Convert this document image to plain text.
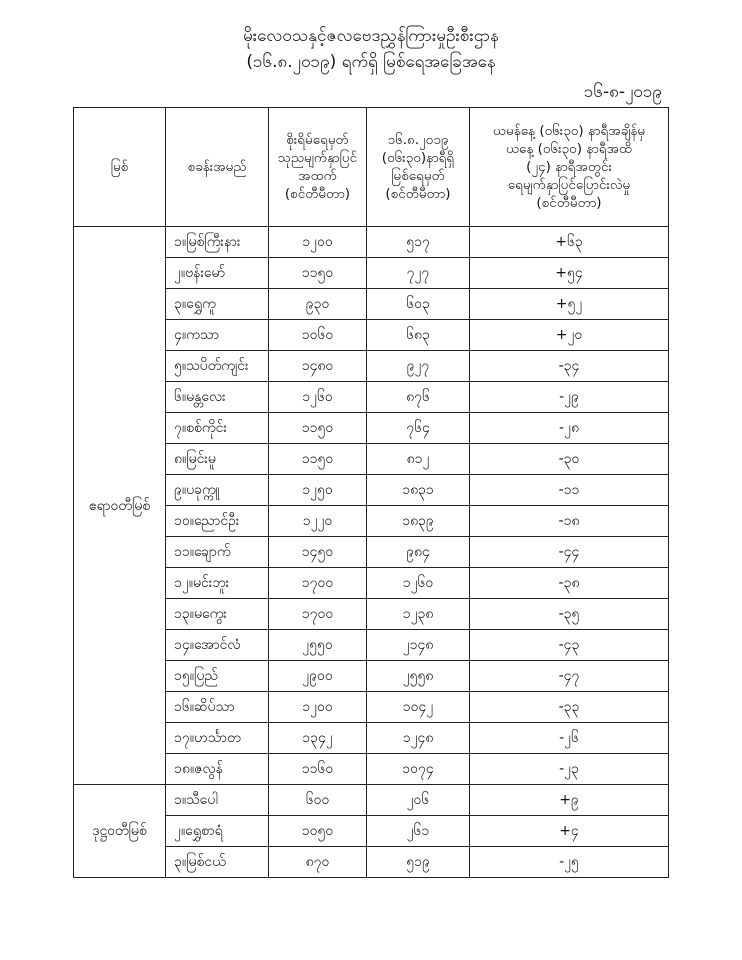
မိုးလေဝသနှင့်ဇလဗေဒညွှန်ကြားမှုဦးစီးဌာန
(၁၆.၈.၂၀၁၉) ရက်ရှိ မြစ်ရေအခြေအနေ
၁၆-၈-၂၀၁၉
မြစ်	စခန်းအမည်	စိုးရိမ်ရေမှတ်
သုညမျက်နှာပြင်
အထက်
(စင်တီမီတာ)	၁၆.၈.၂၀၁၉
(၀၆း၃၀)နာရီရှိ
မြစ်ရေမှတ်
(စင်တီမီတာ)	ယမန်နေ့ (၀၆း၃၀) နာရီအချိန်မှ
ယနေ့ (၀၆း၃၀) နာရီအထိ
(၂၄) နာရီအတွင်း
ရေမျက်နှာပြင်ပြောင်းလဲမှု
(စင်တီမီတာ)
ဧရာဝတီမြစ်	၁။မြစ်ကြီးနား	၁၂၀၀	၅၁၇	+၆၃
	၂။ဗန်းမော်	၁၁၅၀	၇၂၇	+၅၄
	၃။ရွှေကူ	၉၃၀	၆၀၃	+၅၂
	၄။ကသာ	၁၀၆၀	၆၈၃	+၂၀
	၅။သပိတ်ကျင်း	၁၄၈၀	၉၂၇	-၃၄
	၆။မန္တလေး	၁၂၆၀	၈၇၆	-၂၉
	၇။စစ်ကိုင်း	၁၁၅၀	၇၆၄	-၂၈
	၈။မြင်းမူ	၁၁၅၀	၈၁၂	-၃၀
	၉။ပခုက္ကူ	၁၂၅၀	၁၈၃၁	-၁၁
	၁၀။ညောင်ဦး	၁၂၂၀	၁၈၃၉	-၁၈
	၁၁။ချောက်	၁၄၅၀	၉၈၄	-၄၄
	၁၂။မင်းဘူး	၁၇၀၀	၁၂၆၀	-၃၈
	၁၃။မကွေး	၁၇၀၀	၁၂၃၈	-၃၅
	၁၄။အောင်လံ	၂၅၅၀	၂၁၄၈	-၄၃
	၁၅။ပြည်	၂၉၀၀	၂၅၅၈	-၄၇
	၁၆။ဆိပ်သာ	၁၂၀၀	၁၀၄၂	-၃၃
	၁၇။ဟင်္သာတ	၁၃၄၂	၁၂၄၈	-၂၆
	၁၈။ဇလွန်	၁၁၆၀	၁၀၇၄	-၂၃
ဒုဋ္ဌဝတီမြစ်	၁။သီပေါ	၆၀၀	၂၀၆	+၉
	၂။ရွှေစာရံ	၁၀၅၀	၂၆၁	+၄
	၃။မြစ်ငယ်	၈၇၀	၅၁၉	-၂၅
